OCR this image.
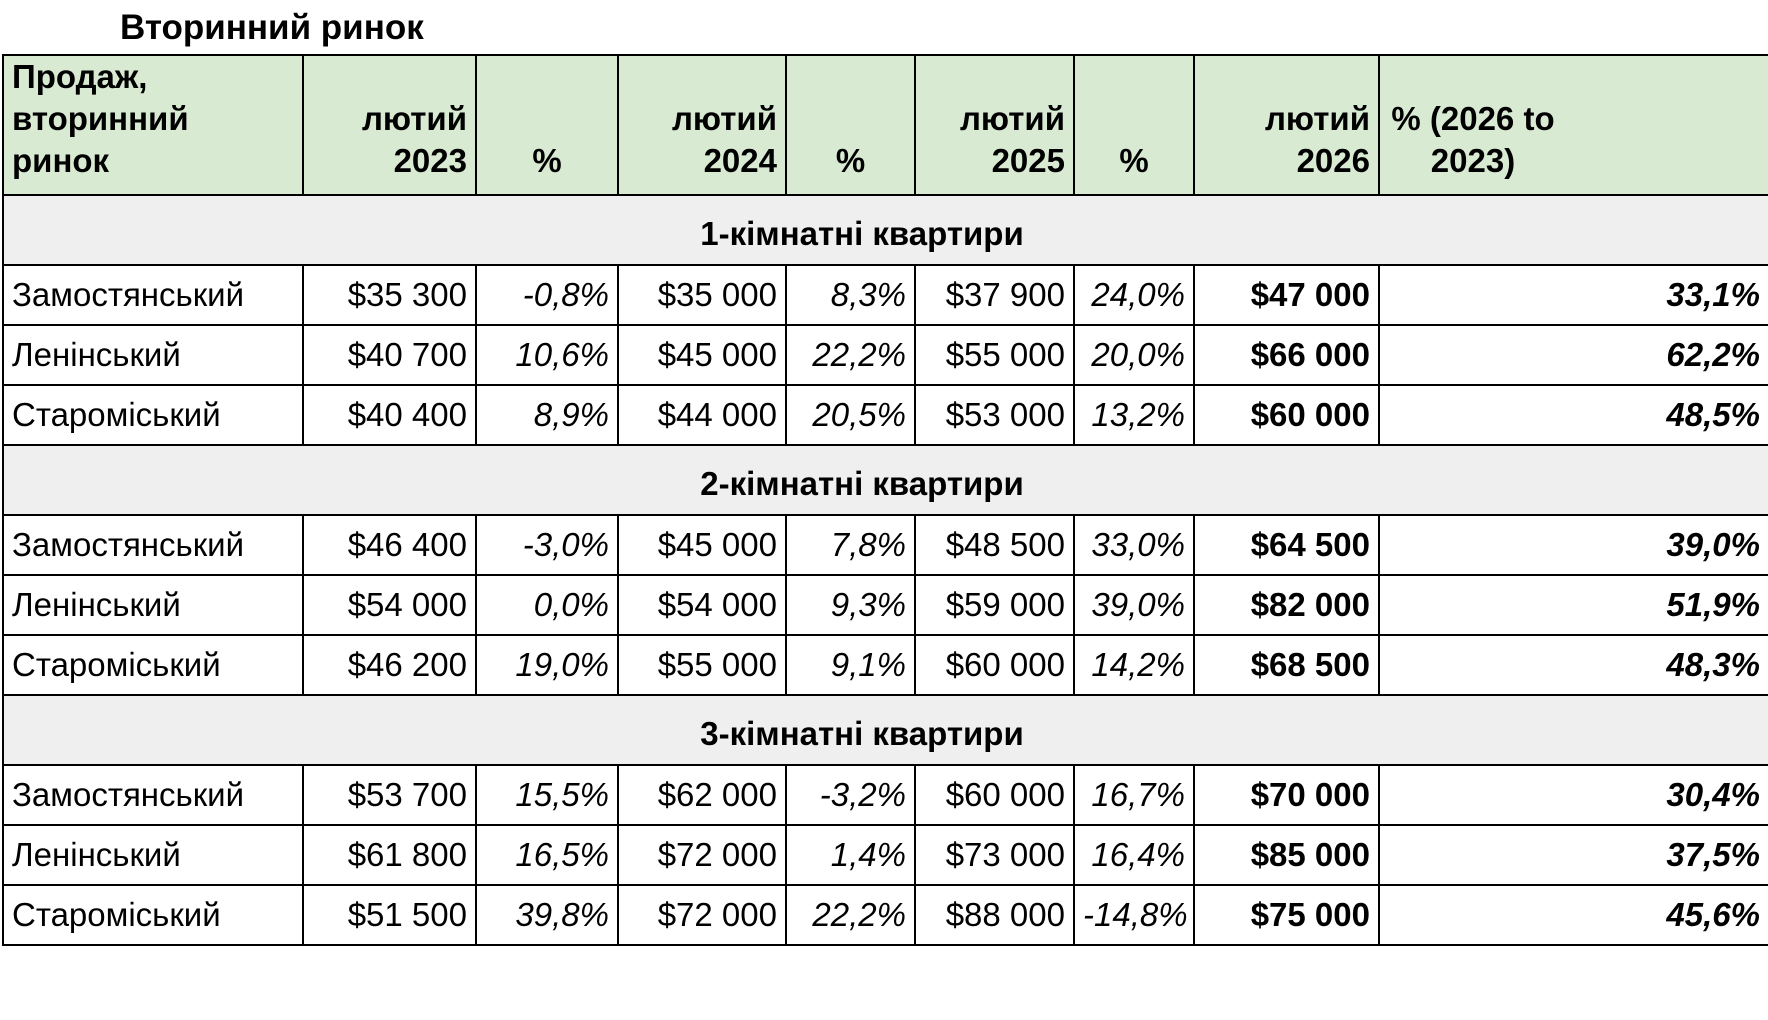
Вторинний ринок
Продаж, вторинний ринок	лютий 2023	%	лютий 2024	%	лютий 2025	%	лютий 2026	% (2026 to 2023)
1-кімнатні квартири								
Замостянський	$35 300	-0,8%	$35 000	8,3%	$37 900	24,0%	$47 000	33,1%
Ленінський	$40 700	10,6%	$45 000	22,2%	$55 000	20,0%	$66 000	62,2%
Староміський	$40 400	8,9%	$44 000	20,5%	$53 000	13,2%	$60 000	48,5%
2-кімнатні квартири								
Замостянський	$46 400	-3,0%	$45 000	7,8%	$48 500	33,0%	$64 500	39,0%
Ленінський	$54 000	0,0%	$54 000	9,3%	$59 000	39,0%	$82 000	51,9%
Староміський	$46 200	19,0%	$55 000	9,1%	$60 000	14,2%	$68 500	48,3%
3-кімнатні квартири								
Замостянський	$53 700	15,5%	$62 000	-3,2%	$60 000	16,7%	$70 000	30,4%
Ленінський	$61 800	16,5%	$72 000	1,4%	$73 000	16,4%	$85 000	37,5%
Староміський	$51 500	39,8%	$72 000	22,2%	$88 000	-14,8%	$75 000	45,6%
